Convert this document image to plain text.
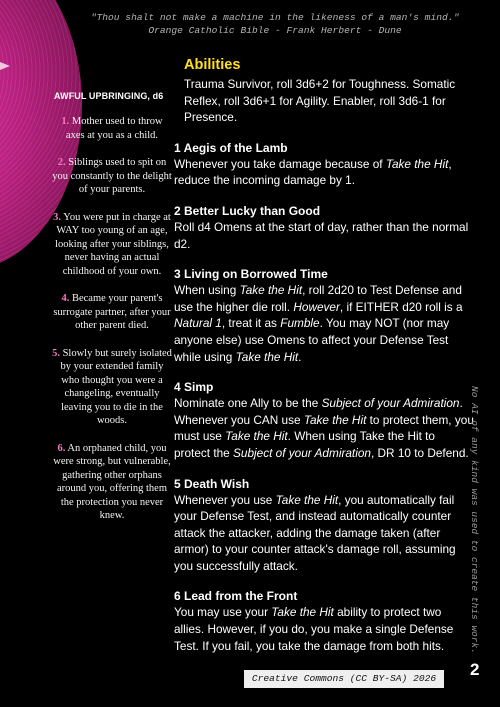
"Thou shalt not make a machine in the likeness of a man's mind."
Orange Catholic Bible - Frank Herbert - Dune
AWFUL UPBRINGING, d6

1. Mother used to throw axes at you as a child.

2. Siblings used to spit on you constantly to the delight of your parents.

3. You were put in charge at WAY too young of an age, looking after your siblings, never having an actual childhood of your own.

4. Became your parent's surrogate partner, after your other parent died.

5. Slowly but surely isolated by your extended family who thought you were a changeling, eventually leaving you to die in the woods.

6. An orphaned child, you were strong, but vulnerable, gathering other orphans around you, offering them the protection you never knew.

Abilities

Trauma Survivor, roll 3d6+2 for Toughness. Somatic Reflex, roll 3d6+1 for Agility. Enabler, roll 3d6-1 for Presence.

1 Aegis of the Lamb

Whenever you take damage because of Take the Hit, reduce the incoming damage by 1.

2 Better Lucky than Good

Roll d4 Omens at the start of day, rather than the normal d2.

3 Living on Borrowed Time

When using Take the Hit, roll 2d20 to Test Defense and use the higher die roll. However, if EITHER d20 roll is a Natural 1, treat it as Fumble. You may NOT (nor may anyone else) use Omens to affect your Defense Test while using Take the Hit.

4 Simp

Nominate one Ally to be the Subject of your Admiration. Whenever you CAN use Take the Hit to protect them, you must use Take the Hit. When using Take the Hit to protect the Subject of your Admiration, DR 10 to Defend.

5 Death Wish

Whenever you use Take the Hit, you automatically fail your Defense Test, and instead automatically counter attack the attacker, adding the damage taken (after armor) to your counter attack's damage roll, assuming you successfully attack.

6 Lead from the Front

You may use your Take the Hit ability to protect two allies. However, if you do, you make a single Defense Test. If you fail, you take the damage from both hits.	No AI of any kind was used to create this work.
Creative Commons (CC BY-SA) 2026	2
